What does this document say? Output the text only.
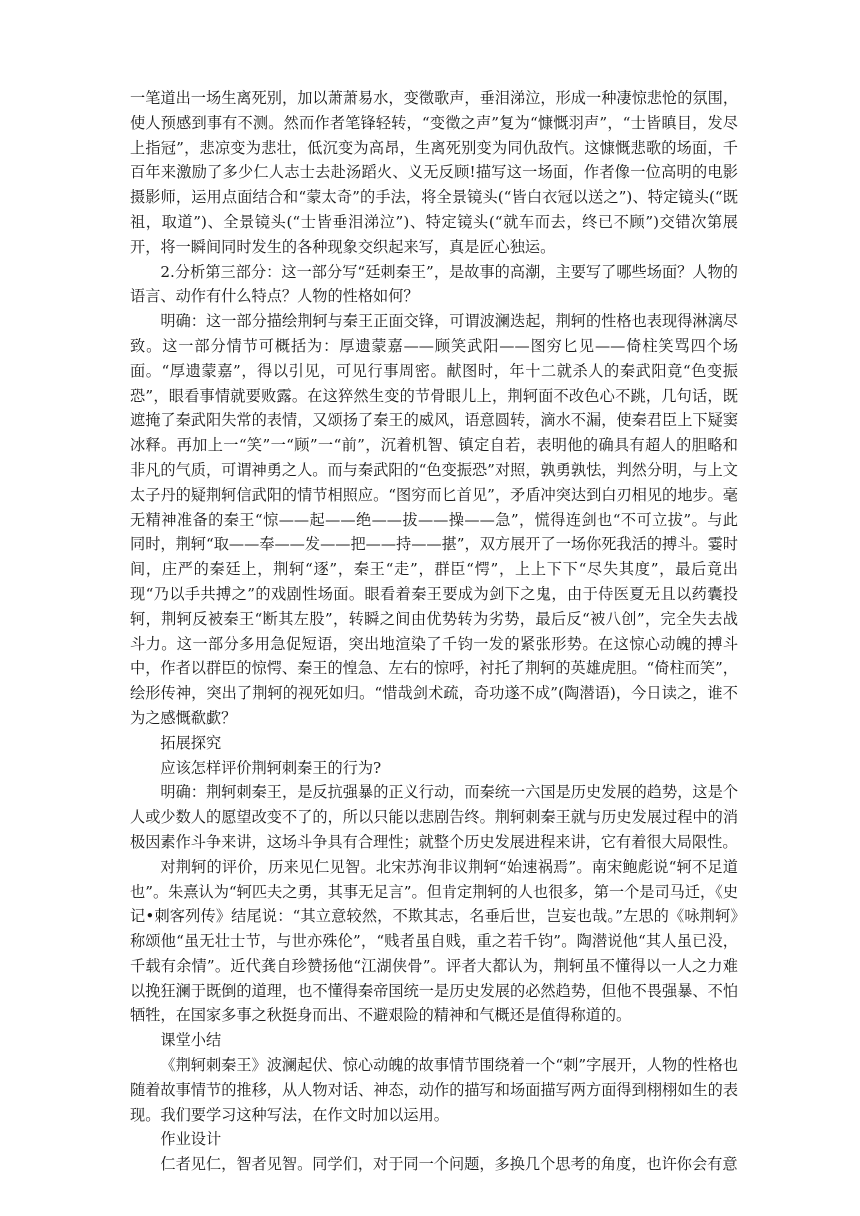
一笔道出一场生离死别，加以萧萧易水，变徵歌声，垂泪涕泣，形成一种凄惊悲怆的氛围，使人预感到事有不测。然而作者笔锋轻转，“变徵之声”复为“慷慨羽声”，“士皆瞋目，发尽上指冠”，悲凉变为悲壮，低沉变为高昂，生离死别变为同仇敌忾。这慷慨悲歌的场面，千百年来激励了多少仁人志士去赴汤蹈火、义无反顾!描写这一场面，作者像一位高明的电影摄影师，运用点面结合和“蒙太奇”的手法，将全景镜头(“皆白衣冠以送之”)、特定镜头(“既祖，取道”)、全景镜头(“士皆垂泪涕泣”)、特定镜头(“就车而去，终已不顾”)交错次第展开，将一瞬间同时发生的各种现象交织起来写，真是匠心独运。

2.分析第三部分：这一部分写“廷刺秦王”，是故事的高潮，主要写了哪些场面？人物的语言、动作有什么特点？人物的性格如何？

明确：这一部分描绘荆轲与秦王正面交锋，可谓波澜迭起，荆轲的性格也表现得淋漓尽致。这一部分情节可概括为：厚遗蒙嘉——顾笑武阳——图穷匕见——倚柱笑骂四个场面。“厚遗蒙嘉”，得以引见，可见行事周密。献图时，年十二就杀人的秦武阳竟“色变振恐”，眼看事情就要败露。在这猝然生变的节骨眼儿上，荆轲面不改色心不跳，几句话，既遮掩了秦武阳失常的表情，又颂扬了秦王的威风，语意圆转，滴水不漏，使秦君臣上下疑窦冰释。再加上一“笑”一“顾”一“前”，沉着机智、镇定自若，表明他的确具有超人的胆略和非凡的气质，可谓神勇之人。而与秦武阳的“色变振恐”对照，孰勇孰怯，判然分明，与上文太子丹的疑荆轲信武阳的情节相照应。“图穷而匕首见”，矛盾冲突达到白刃相见的地步。毫无精神准备的秦王“惊——起——绝——拔——操——急”，慌得连剑也“不可立拔”。与此同时，荆轲“取——奉——发——把——持——揕”，双方展开了一场你死我活的搏斗。霎时间，庄严的秦廷上，荆轲“逐”，秦王“走”，群臣“愕”，上上下下“尽失其度”，最后竟出现“乃以手共搏之”的戏剧性场面。眼看着秦王要成为剑下之鬼，由于侍医夏无且以药囊投轲，荆轲反被秦王“断其左股”，转瞬之间由优势转为劣势，最后反“被八创”，完全失去战斗力。这一部分多用急促短语，突出地渲染了千钧一发的紧张形势。在这惊心动魄的搏斗中，作者以群臣的惊愕、秦王的惶急、左右的惊呼，衬托了荆轲的英雄虎胆。“倚柱而笑”，绘形传神，突出了荆轲的视死如归。“惜哉剑术疏，奇功遂不成”(陶潜语)，今日读之，谁不为之感慨欷歔？

拓展探究

应该怎样评价荆轲刺秦王的行为?

明确：荆轲刺秦王，是反抗强暴的正义行动，而秦统一六国是历史发展的趋势，这是个人或少数人的愿望改变不了的，所以只能以悲剧告终。荆轲刺秦王就与历史发展过程中的消极因素作斗争来讲，这场斗争具有合理性；就整个历史发展进程来讲，它有着很大局限性。

对荆轲的评价，历来见仁见智。北宋苏洵非议荆轲“始速祸焉”。南宋鲍彪说“轲不足道也”。朱熹认为“轲匹夫之勇，其事无足言”。但肯定荆轲的人也很多，第一个是司马迁，《史记•刺客列传》结尾说：“其立意较然，不欺其志，名垂后世，岂妄也哉。”左思的《咏荆轲》称颂他“虽无壮士节，与世亦殊伦”，“贱者虽自贱，重之若千钧”。陶潜说他“其人虽已没，千载有余情”。近代龚自珍赞扬他“江湖侠骨”。评者大都认为，荆轲虽不懂得以一人之力难以挽狂澜于既倒的道理，也不懂得秦帝国统一是历史发展的必然趋势，但他不畏强暴、不怕牺牲，在国家多事之秋挺身而出、不避艰险的精神和气概还是值得称道的。

课堂小结

《荆轲刺秦王》波澜起伏、惊心动魄的故事情节围绕着一个“刺”字展开，人物的性格也随着故事情节的推移，从人物对话、神态，动作的描写和场面描写两方面得到栩栩如生的表现。我们要学习这种写法，在作文时加以运用。

作业设计

仁者见仁，智者见智。同学们，对于同一个问题，多换几个思考的角度，也许你会有意
